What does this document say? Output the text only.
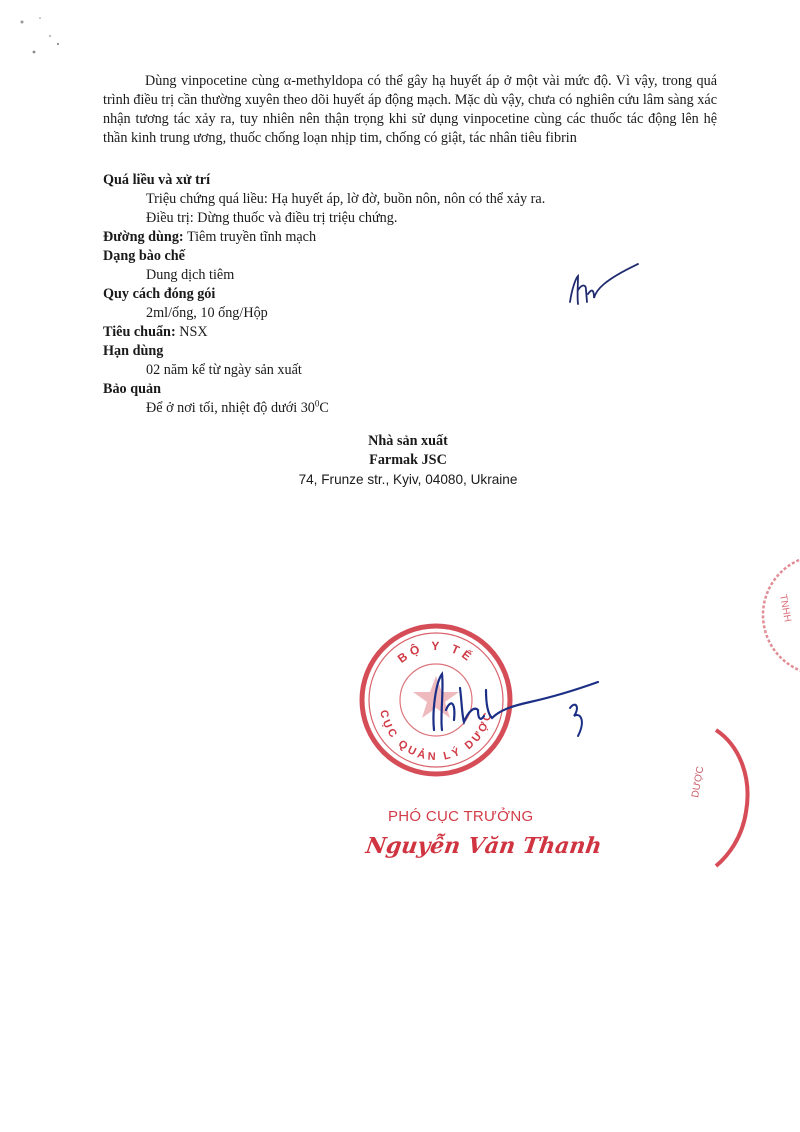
Dùng vinpocetine cùng α-methyldopa có thể gây hạ huyết áp ở một vài mức độ. Vì vậy, trong quá trình điều trị cần thường xuyên theo dõi huyết áp động mạch. Mặc dù vậy, chưa có nghiên cứu lâm sàng xác nhận tương tác xảy ra, tuy nhiên nên thận trọng khi sử dụng vinpocetine cùng các thuốc tác động lên hệ thần kinh trung ương, thuốc chống loạn nhịp tim, chống có giật, tác nhân tiêu fibrin
Quá liều và xử trí
Triệu chứng quá liều: Hạ huyết áp, lờ đờ, buồn nôn, nôn có thể xảy ra.
Điều trị: Dừng thuốc và điều trị triệu chứng.
Đường dùng: Tiêm truyền tĩnh mạch
Dạng bào chế
Dung dịch tiêm
Quy cách đóng gói
2ml/ống, 10 ống/Hộp
Tiêu chuẩn: NSX
Hạn dùng
02 năm kể từ ngày sản xuất
Bảo quản
Để ở nơi tối, nhiệt độ dưới $30^0C$
Nhà sản xuất
Farmak JSC
74, Frunze str., Kyiv, 04080, Ukraine
BỘ Y TẾ
CỤC QUẢN LÝ DƯỢC
PHÓ CỤC TRƯỞNG
Nguyễn Văn Thanh
TNHH
DƯỢC
